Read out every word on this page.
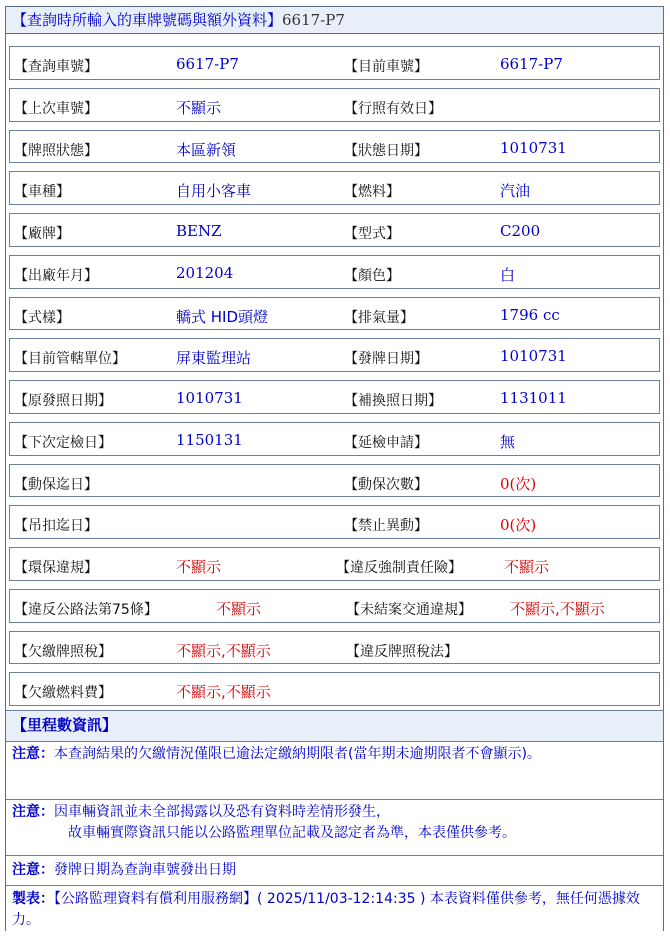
【查詢時所輸入的車牌號碼與額外資料】6617-P7
【查詢車號】	6617-P7	【目前車號】	6617-P7
【上次車號】	不顯示	【行照有效日】
【牌照狀態】	本區新領	【狀態日期】	1010731
【車種】	自用小客車	【燃料】	汽油
【廠牌】	BENZ	【型式】	C200
【出廠年月】	201204	【顏色】	白
【式樣】	轎式 HID頭燈	【排氣量】	1796 cc
【目前管轄單位】	屏東監理站	【發牌日期】	1010731
【原發照日期】	1010731	【補換照日期】	1131011
【下次定檢日】	1150131	【延檢申請】	無
【動保迄日】	【動保次數】	0(次)
【吊扣迄日】	【禁止異動】	0(次)
【環保違規】	不顯示	【違反強制責任險】	不顯示
【違反公路法第75條】	不顯示	【未結案交通違規】	不顯示,不顯示
【欠繳牌照稅】	不顯示,不顯示	【違反牌照稅法】
【欠繳燃料費】	不顯示,不顯示
【里程數資訊】
注意：本查詢結果的欠繳情況僅限已逾法定繳納期限者(當年期未逾期限者不會顯示)。
注意：因車輛資訊並未全部揭露以及恐有資料時差情形發生，
故車輛實際資訊只能以公路監理單位記載及認定者為準，本表僅供參考。
注意：發牌日期為查詢車號發出日期
製表：【公路監理資料有償利用服務網】( 2025/11/03-12:14:35 ) 本表資料僅供參考，無任何憑據效力。
